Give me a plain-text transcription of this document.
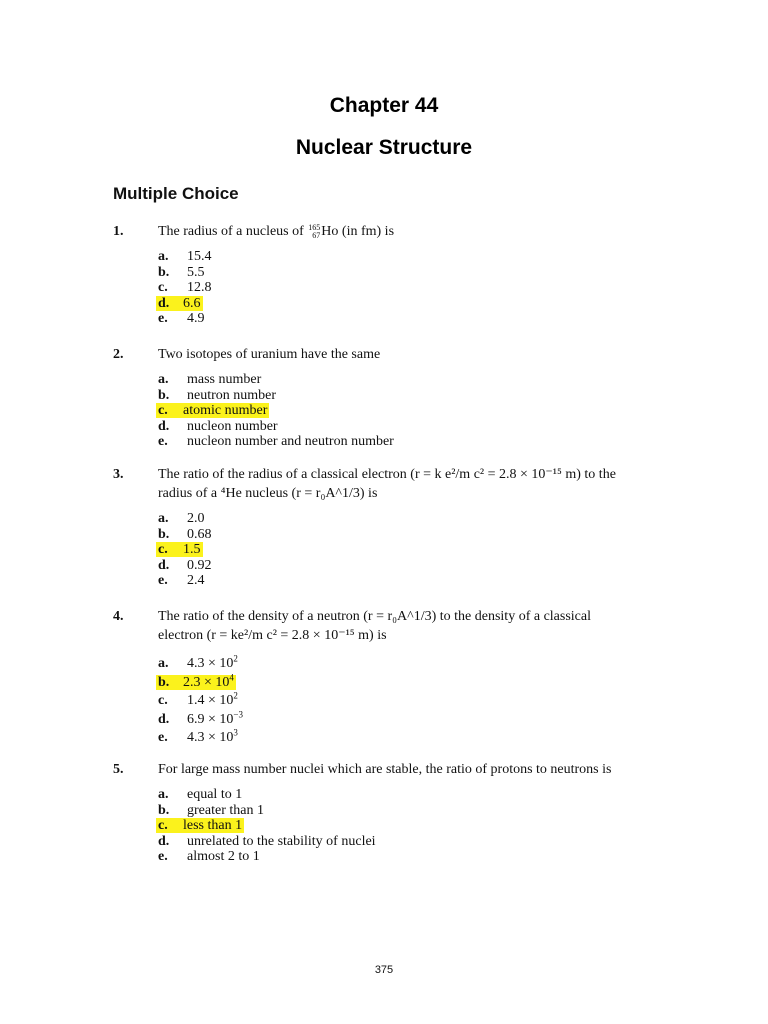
Chapter 44
Nuclear Structure
Multiple Choice
1. The radius of a nucleus of 165
67 Ho (in fm) is
a. 15.4
b. 5.5
c. 12.8
d. 6.6
e. 4.9
2. Two isotopes of uranium have the same
a. mass number
b. neutron number
c. atomic number
d. nucleon number
e. nucleon number and neutron number
3. The ratio of the radius of a classical electron (r = k e²/m c² = 2.8 × 10⁻¹⁵ m) to the
radius of a ⁴He nucleus (r = r₀A^1/3) is
a. 2.0
b. 0.68
c. 1.5
d. 0.92
e. 2.4
4. The ratio of the density of a neutron (r = r₀A^1/3) to the density of a classical
electron (r = ke²/m c² = 2.8 × 10⁻¹⁵ m) is
a. $4.3 \times 10^2$
b. $2.3 \times 10^4$
c. $1.4 \times 10^2$
d. $6.9 \times 10^{-3}$
e. $4.3 \times 10^3$
5. For large mass number nuclei which are stable, the ratio of protons to neutrons is
a. equal to 1
b. greater than 1
c. less than 1
d. unrelated to the stability of nuclei
e. almost 2 to 1
375
